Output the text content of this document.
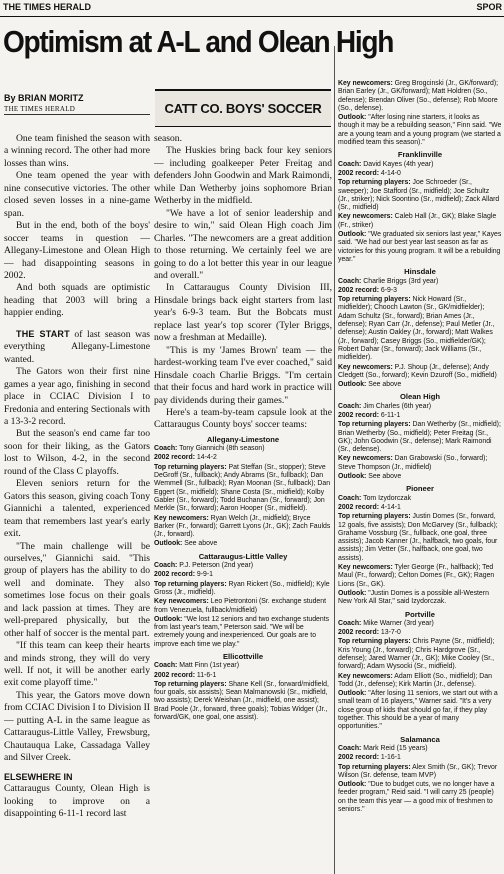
THE TIMES HERALD	SPOR
Optimism at A-L and Olean High
By BRIAN MORITZ
THE TIMES HERALD	CATT CO. BOYS' SOCCER

One team finished the season with a winning record. The other had more losses than wins.

One team opened the year with nine consecutive victories. The other closed seven losses in a nine-game span.

But in the end, both of the boys' soccer teams in question — Allegany-Limestone and Olean High — had disappointing seasons in 2002.

And both squads are optimistic heading that 2003 will bring a happier ending.

THE START of last season was everything Allegany-Limestone wanted.

The Gators won their first nine games a year ago, finishing in second place in CCIAC Division I to Fredonia and entering Sectionals with a 13-3-2 record.

But the season's end came far too soon for their liking, as the Gators lost to Wilson, 4-2, in the second round of the Class C playoffs.

Eleven seniors return for the Gators this season, giving coach Tony Giannichi a talented, experienced team that remembers last year's early exit.

"The main challenge will be ourselves," Giannichi said. "This group of players has the ability to do well and dominate. They also sometimes lose focus on their goals and lack passion at times. They are well-prepared physically, but the other half of soccer is the mental part.

"If this team can keep their hearts and minds strong, they will do very well. If not, it will be another early exit come playoff time."

This year, the Gators move down from CCIAC Division I to Division II — putting A-L in the same league as Cattaraugus-Little Valley, Frewsburg, Chautauqua Lake, Cassadaga Valley and Silver Creek.

ELSEWHERE IN

Cattaraugus County, Olean High is looking to improve on a disappointing 6-11-1 record last

season.

The Huskies bring back four key seniors — including goalkeeper Peter Freitag and defenders John Goodwin and Mark Raimondi, while Dan Wetherby joins sophomore Brian Wetherby in the midfield.

"We have a lot of senior leadership and desire to win," said Olean High coach Jim Charles. "The newcomers are a great addition to those returning. We certainly feel we are going to do a lot better this year in our league and overall."

In Cattaraugus County Division III, Hinsdale brings back eight starters from last year's 6-9-3 team. But the Bobcats must replace last year's top scorer (Tyler Briggs, now a freshman at Medaille).

"This is my 'James Brown' team — the hardest-working team I've ever coached," said Hinsdale coach Charlie Briggs. "I'm certain that their focus and hard work in practice will pay dividends during their games."

Here's a team-by-team capsule look at the Cattaraugus County boys' soccer teams:

Allegany-Limestone
Coach: Tony Giannichi (8th season)
2002 record: 14-4-2
Top returning players: Pat Steffan (Sr., stopper); Steve DeGroff (Sr., fullback); Andy Abrams (Sr., fullback); Dan Wemmell (Sr., fullback); Ryan Moonan (Sr., fullback); Dan Eggert (Sr., midfield); Shane Costa (Sr., midfield); Kolby Gabler (Sr., forward); Todd Buchanan (Sr., forward); Jon Merkle (Sr., forward); Aaron Hooper (Sr., midfield).
Key newcomers: Ryan Welch (Jr., midfield); Bryce Barker (Fr., forward); Garrett Lyons (Jr., GK); Zach Faulds (Jr., forward).
Outlook: See above
Cattaraugus-Little Valley
Coach: P.J. Peterson (2nd year)
2002 record: 9-9-1
Top returning players: Ryan Rickert (So., midfield); Kyle Gross (Jr., midfield).
Key newcomers: Leo Pietrontoni (Sr. exchange student from Venezuela, fullback/midfield)
Outlook: "We lost 12 seniors and two exchange students from last year's team," Peterson said. "We will be extremely young and inexperienced. Our goals are to improve each time we play."
Ellicottville
Coach: Matt Finn (1st year)
2002 record: 11-6-1
Top returning players: Shane Kell (Sr., forward/midfield, four goals, six assists); Sean Malmanowski (Sr., midfield, two assists); Derek Weishan (Jr., midfield, one assist); Brad Poole (Jr., forward, three goals); Tobias Widger (Jr., forward/GK, one goal, one assist).
Key newcomers: Greg Brogcinski (Jr., GK/forward); Brian Earley (Jr., GK/forward); Matt Holdren (So., defense); Brendan Oliver (So., defense); Rob Moore (So., defense).
Outlook: "After losing nine starters, it looks as though it may be a rebuilding season," Finn said. "We are a young team and a young program (we started a modified team this season)."
Franklinville
Coach: David Kayes (4th year)
2002 record: 4-14-0
Top returning players: Joe Schroeder (Sr., sweeper); Joe Stafford (Sr., midfield); Joe Schultz (Jr., striker); Nick Soontino (Sr., midfield); Zack Allard (Sr., midfield)
Key newcomers: Caleb Hall (Jr., GK); Blake Slagle (Fr., striker)
Outlook: "We graduated six seniors last year," Kayes said. "We had our best year last season as far as victories for this young program. It will be a rebuilding year."
Hinsdale
Coach: Charlie Briggs (3rd year)
2002 record: 6-9-3
Top returning players: Nick Howard (Sr., midfielder); Chooch Lawton (Sr., GK/midfielder); Adam Schultz (Sr., forward); Brian Ames (Jr., defense); Ryan Carr (Jr., defense); Paul Metler (Jr., defense); Austin Oakley (Jr., forward); Matt Walkes (Jr., forward); Casey Briggs (So., midfielder/GK); Robert Dahar (Sr., forward); Jack Williams (Sr., midfielder).
Key newcomers: P.J. Shoup (Jr., defense); Andy Cledgett (So., forward); Kevin Dzuroff (So., midfield)
Outlook: See above
Olean High
Coach: Jim Charles (6th year)
2002 record: 6-11-1
Top returning players: Dan Wetherby (Sr., midfield); Brian Wetherby (So., midfield); Peter Freitag (Sr., GK); John Goodwin (Sr., defense); Mark Raimondi (Sr., defense).
Key newcomers: Dan Grabowski (So., forward); Steve Thompson (Jr., midfield)
Outlook: See above
Pioneer
Coach: Tom Izydorczak
2002 record: 4-14-1
Top returning players: Justin Domes (Sr., forward, 12 goals, five assists); Don McGarvey (Sr., fullback); Grahame Vossburg (Sr., fullback, one goal, three assists); Jacob Kanner (Jr., halfback, two goals, four assists); Jim Vetter (Sr., halfback, one goal, two assists).
Key newcomers: Tyler George (Fr., halfback); Ted Maul (Fr., forward); Celton Domes (Fr., GK); Ragen Lions (Sr., GK).
Outlook: "Justin Domes is a possible all-Western New York All Star," said Izydorczak.
Portville
Coach: Mike Warner (3rd year)
2002 record: 13-7-0
Top returning players: Chris Payne (Sr., midfield); Kris Young (Jr., forward); Chris Hardgrove (Sr., defense); Jared Warner (Jr., GK); Mike Cooley (Sr., forward); Adam Wysocki (Sr., midfield).
Key newcomers: Adam Elliott (So., midfield); Dan Todd (Jr., defense); Kirk Martin (Jr., defense).
Outlook: "After losing 11 seniors, we start out with a small team of 16 players," Warner said. "It's a very close group of kids that should go far, if they play together. This should be a year of many opportunities."
Salamanca
Coach: Mark Reid (15 years)
2002 record: 1-16-1
Top returning players: Alex Smith (Sr., GK); Trevor Wilson (Sr. defense, team MVP)
Outlook: "Due to budget cuts, we no longer have a feeder program," Reid said. "I will carry 25 (people) on the team this year — a good mix of freshmen to seniors."
